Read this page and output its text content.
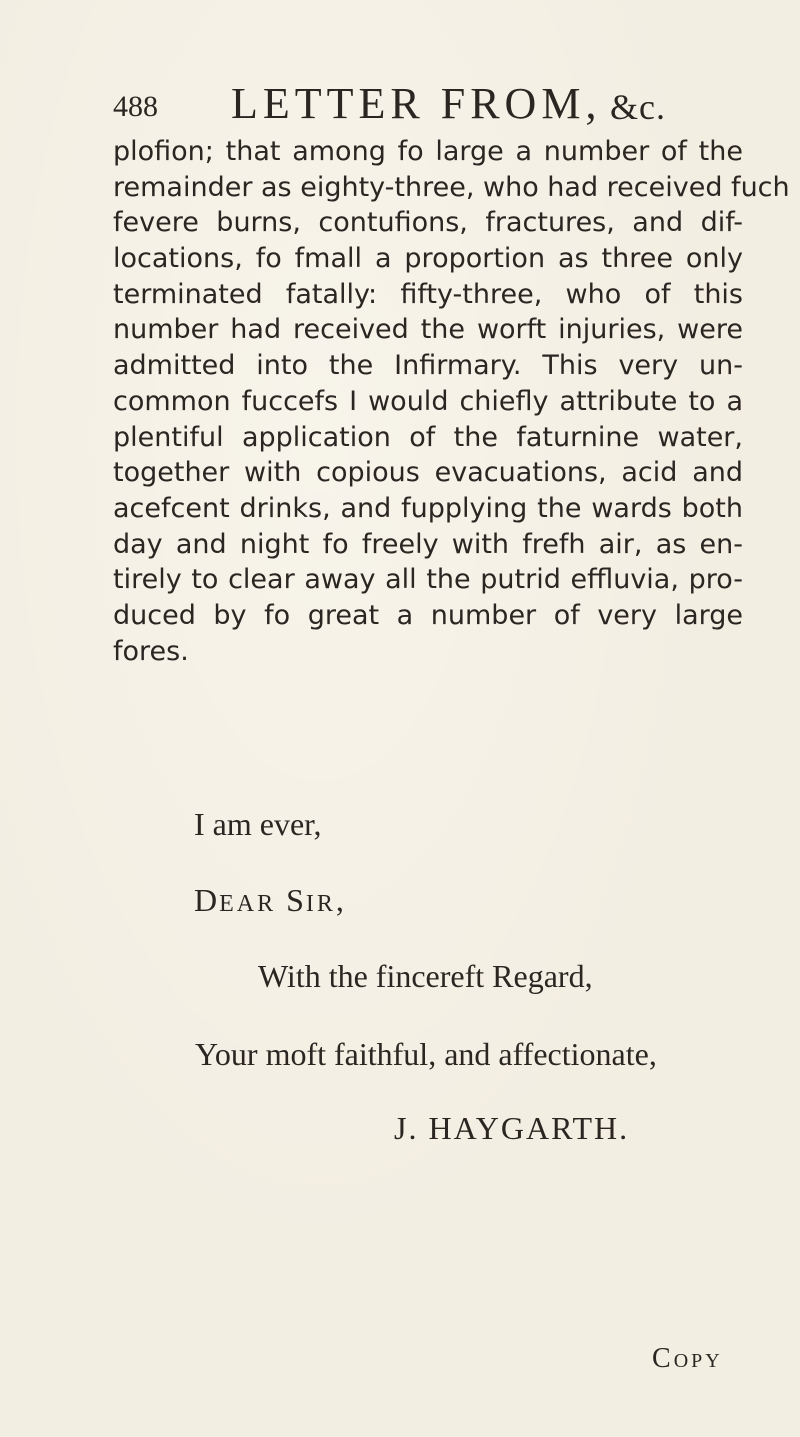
488 LETTER FROM, &c.
plofion; that among fo large a number of the
remainder as eighty-three, who had received fuch
fevere burns, contufions, fractures, and dif-
locations, fo fmall a proportion as three only
terminated fatally: fifty-three, who of this
number had received the worft injuries, were
admitted into the Infirmary. This very un-
common fuccefs I would chiefly attribute to a
plentiful application of the faturnine water,
together with copious evacuations, acid and
acefcent drinks, and fupplying the wards both
day and night fo freely with frefh air, as en-
tirely to clear away all the putrid effluvia, pro-
duced by fo great a number of very large
fores.
I am ever,
DEAR SIR,
With the fincereft Regard,
Your moft faithful, and affectionate,
J. HAYGARTH.
COPY
